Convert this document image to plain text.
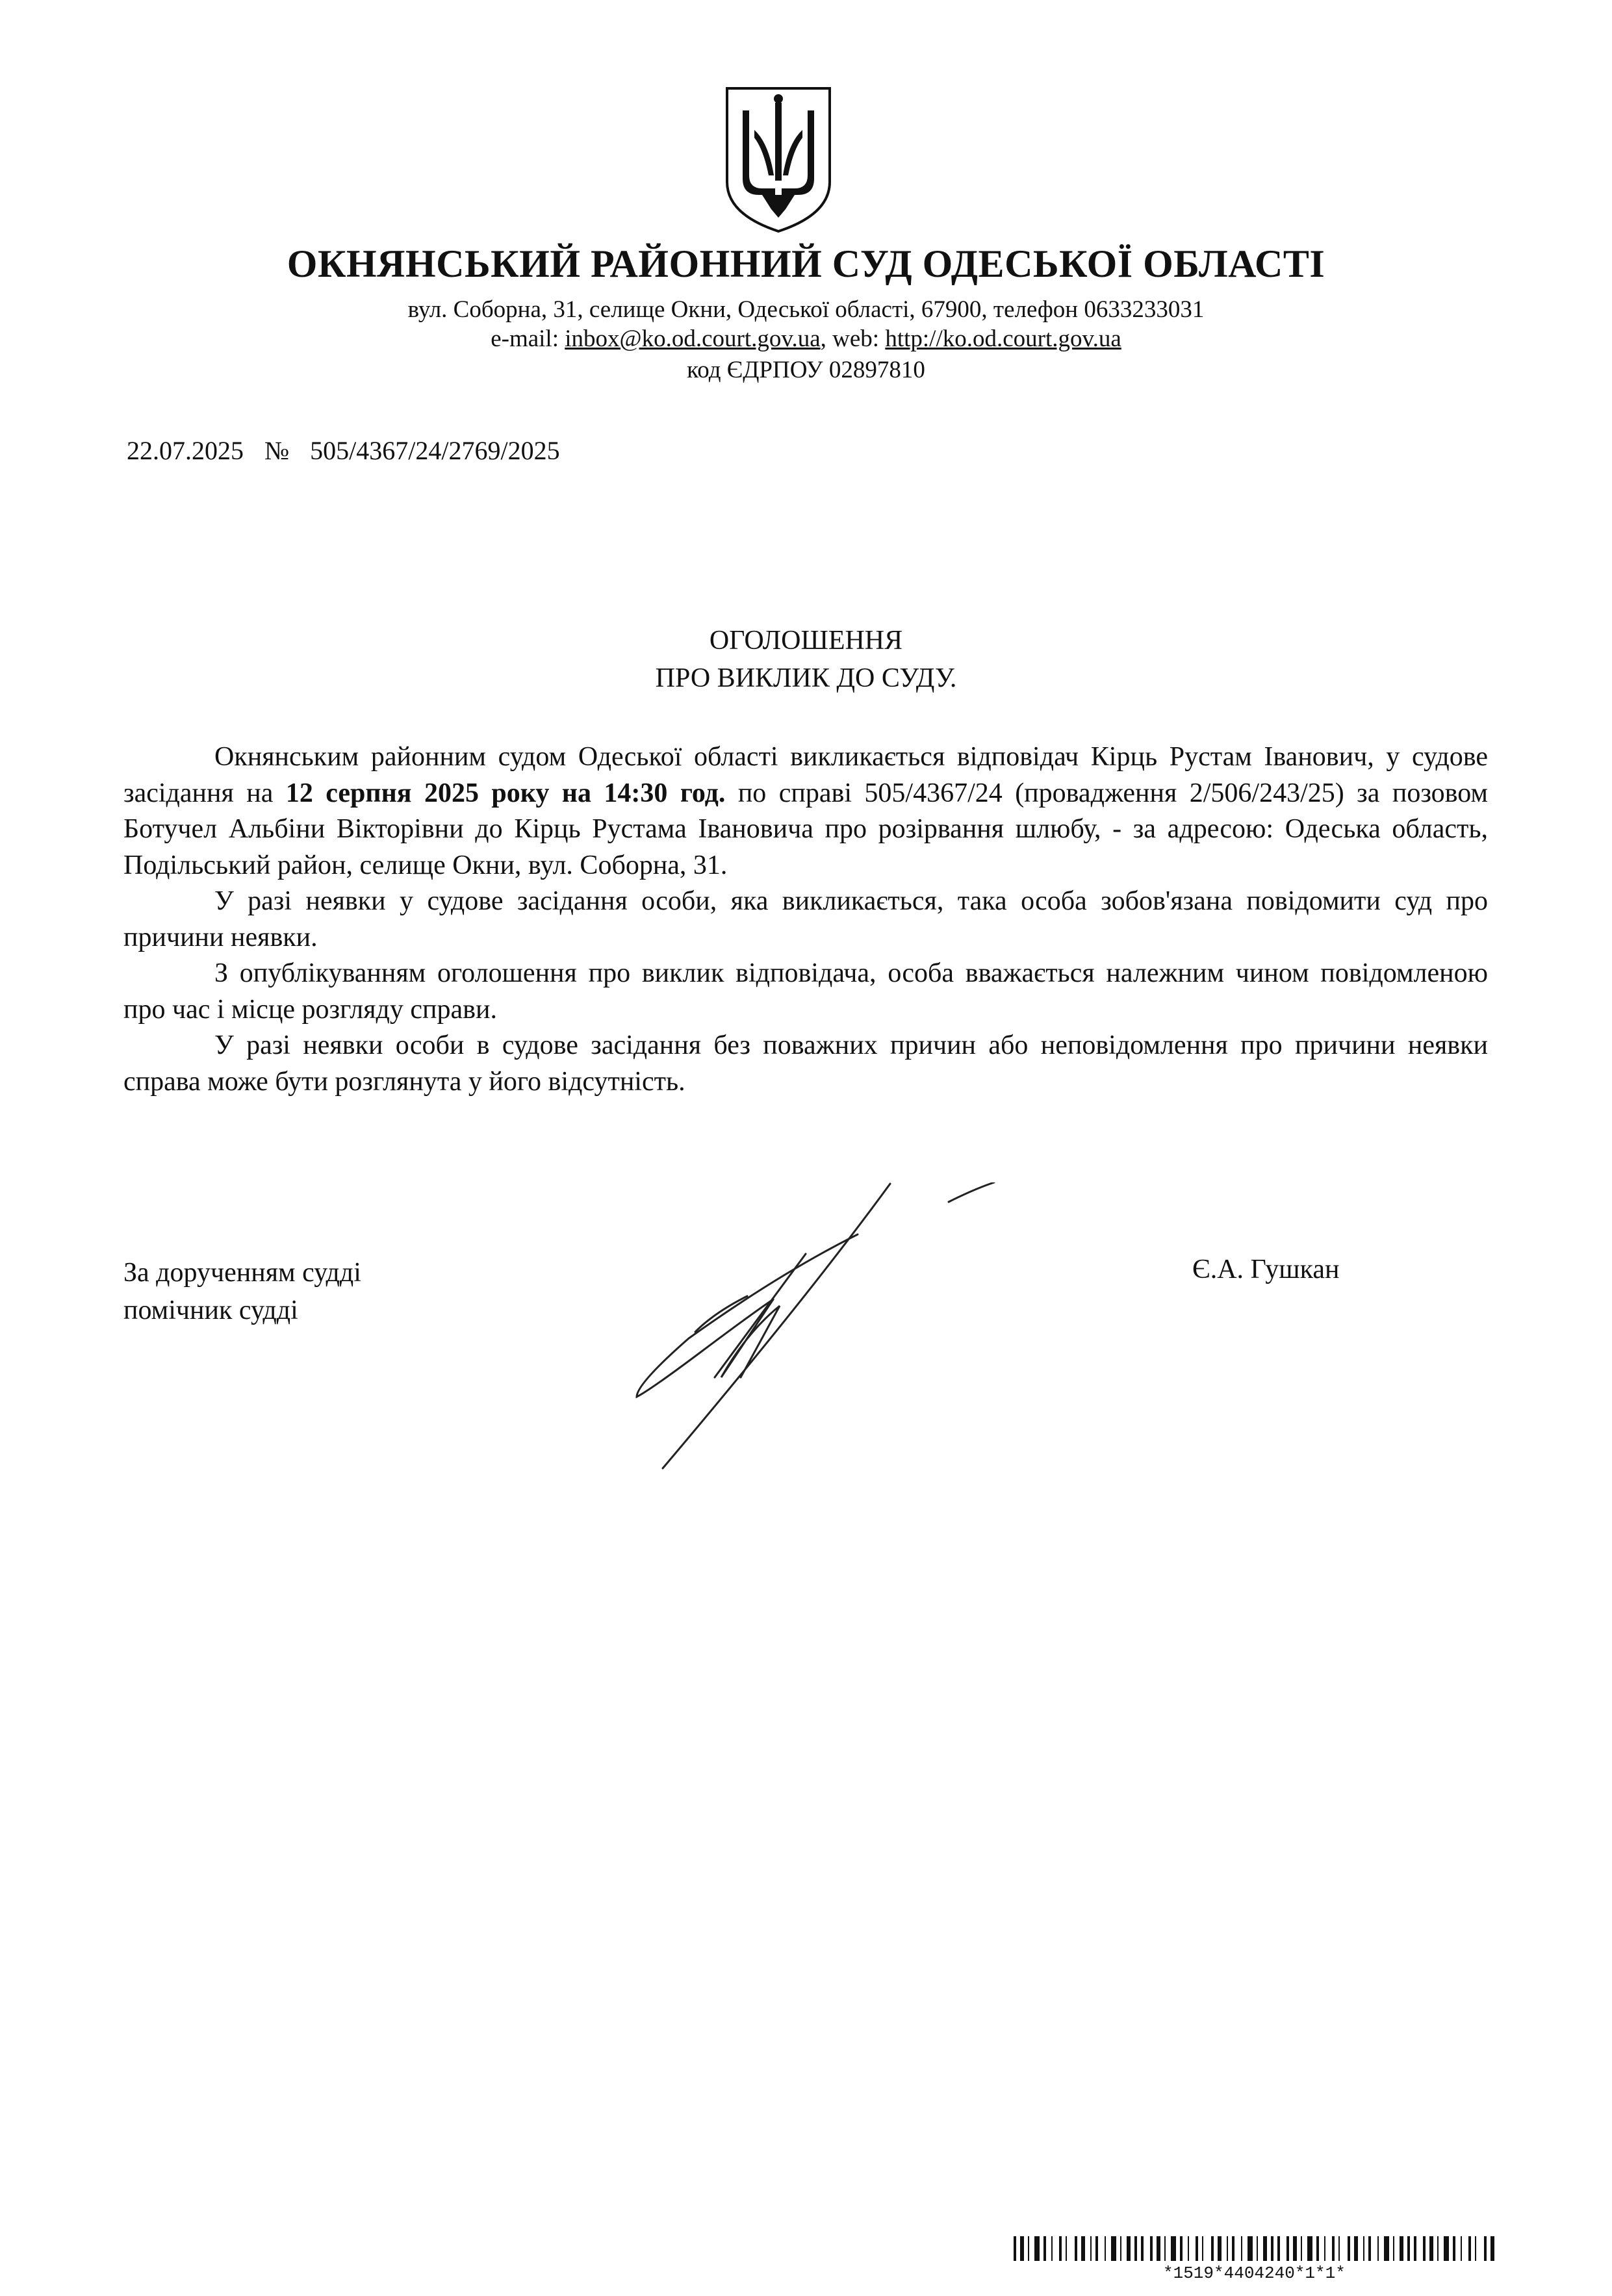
ОКНЯНСЬКИЙ РАЙОННИЙ СУД ОДЕСЬКОЇ ОБЛАСТІ
вул. Соборна, 31, селище Окни, Одеської області, 67900, телефон 0633233031
e-mail: inbox@ko.od.court.gov.ua, web: http://ko.od.court.gov.ua
код ЄДРПОУ 02897810
22.07.2025 № 505/4367/24/2769/2025
ОГОЛОШЕННЯ
ПРО ВИКЛИК ДО СУДУ.

Окнянським районним судом Одеської області викликається відповідач Кірць Рустам Іванович, у судове засідання на 12 серпня 2025 року на 14:30 год. по справі 505/4367/24 (провадження 2/506/243/25) за позовом Ботучел Альбіни Вікторівни до Кірць Рустама Івановича про розірвання шлюбу, - за адресою: Одеська область, Подільський район, селище Окни, вул. Соборна, 31.

У разі неявки у судове засідання особи, яка викликається, така особа зобов'язана повідомити суд про причини неявки.

З опублікуванням оголошення про виклик відповідача, особа вважається належним чином повідомленою про час і місце розгляду справи.

У разі неявки особи в судове засідання без поважних причин або неповідомлення про причини неявки справа може бути розглянута у його відсутність.

За дорученням судді
помічник судді
Є.А. Гушкан
*1519*4404240*1*1*
